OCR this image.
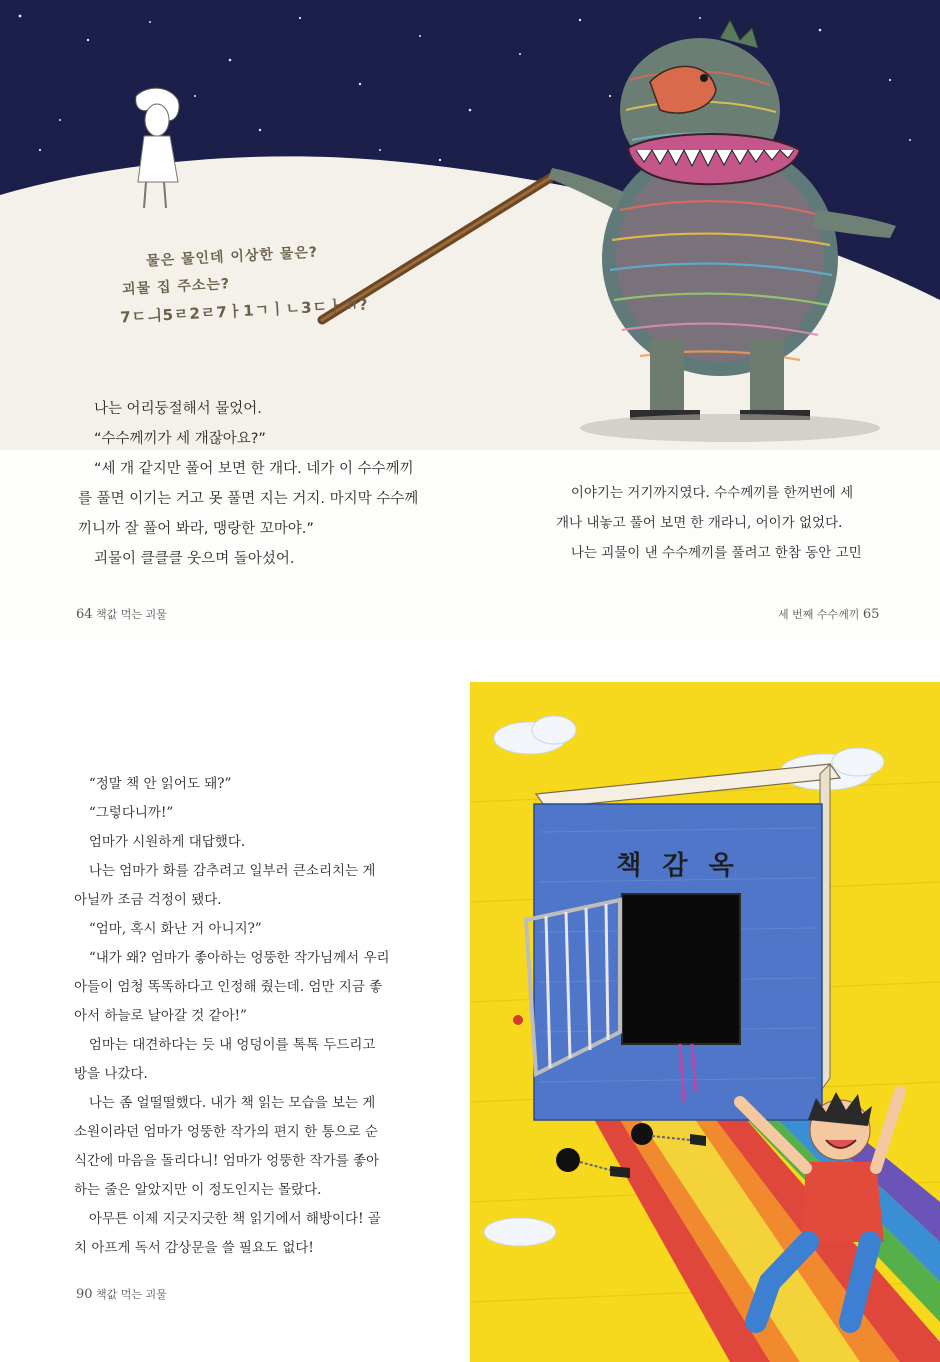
물은 물인데 이상한 물은?
괴물 집 주소는?
7ㄷㅢ5ㄹ2ㄹ7ㅏ1ㄱㅣㄴ3ㄷㅏㄲ?

나는 어리둥절해서 물었어.

“수수께끼가 세 개잖아요?”

“세 개 같지만 풀어 보면 한 개다. 네가 이 수수께끼

를 풀면 이기는 거고 못 풀면 지는 거지. 마지막 수수께

끼니까 잘 풀어 봐라, 맹랑한 꼬마야.”

괴물이 클클클 웃으며 돌아섰어.

이야기는 거기까지였다. 수수께끼를 한꺼번에 세

개나 내놓고 풀어 보면 한 개라니, 어이가 없었다.

나는 괴물이 낸 수수께끼를 풀려고 한참 동안 고민

64 책값 먹는 괴물	세 번째 수수께끼 65

“정말 책 안 읽어도 돼?”

“그렇다니까!”

엄마가 시원하게 대답했다.

나는 엄마가 화를 감추려고 일부러 큰소리치는 게

아닐까 조금 걱정이 됐다.

“엄마, 혹시 화난 거 아니지?”

“내가 왜? 엄마가 좋아하는 엉뚱한 작가님께서 우리

아들이 엄청 똑똑하다고 인정해 줬는데. 엄만 지금 좋

아서 하늘로 날아갈 것 같아!”

엄마는 대견하다는 듯 내 엉덩이를 톡톡 두드리고

방을 나갔다.

나는 좀 얼떨떨했다. 내가 책 읽는 모습을 보는 게

소원이라던 엄마가 엉뚱한 작가의 편지 한 통으로 순

식간에 마음을 돌리다니! 엄마가 엉뚱한 작가를 좋아

하는 줄은 알았지만 이 정도인지는 몰랐다.

아무튼 이제 지긋지긋한 책 읽기에서 해방이다! 골

치 아프게 독서 감상문을 쓸 필요도 없다!

90 책값 먹는 괴물
책 감 옥
